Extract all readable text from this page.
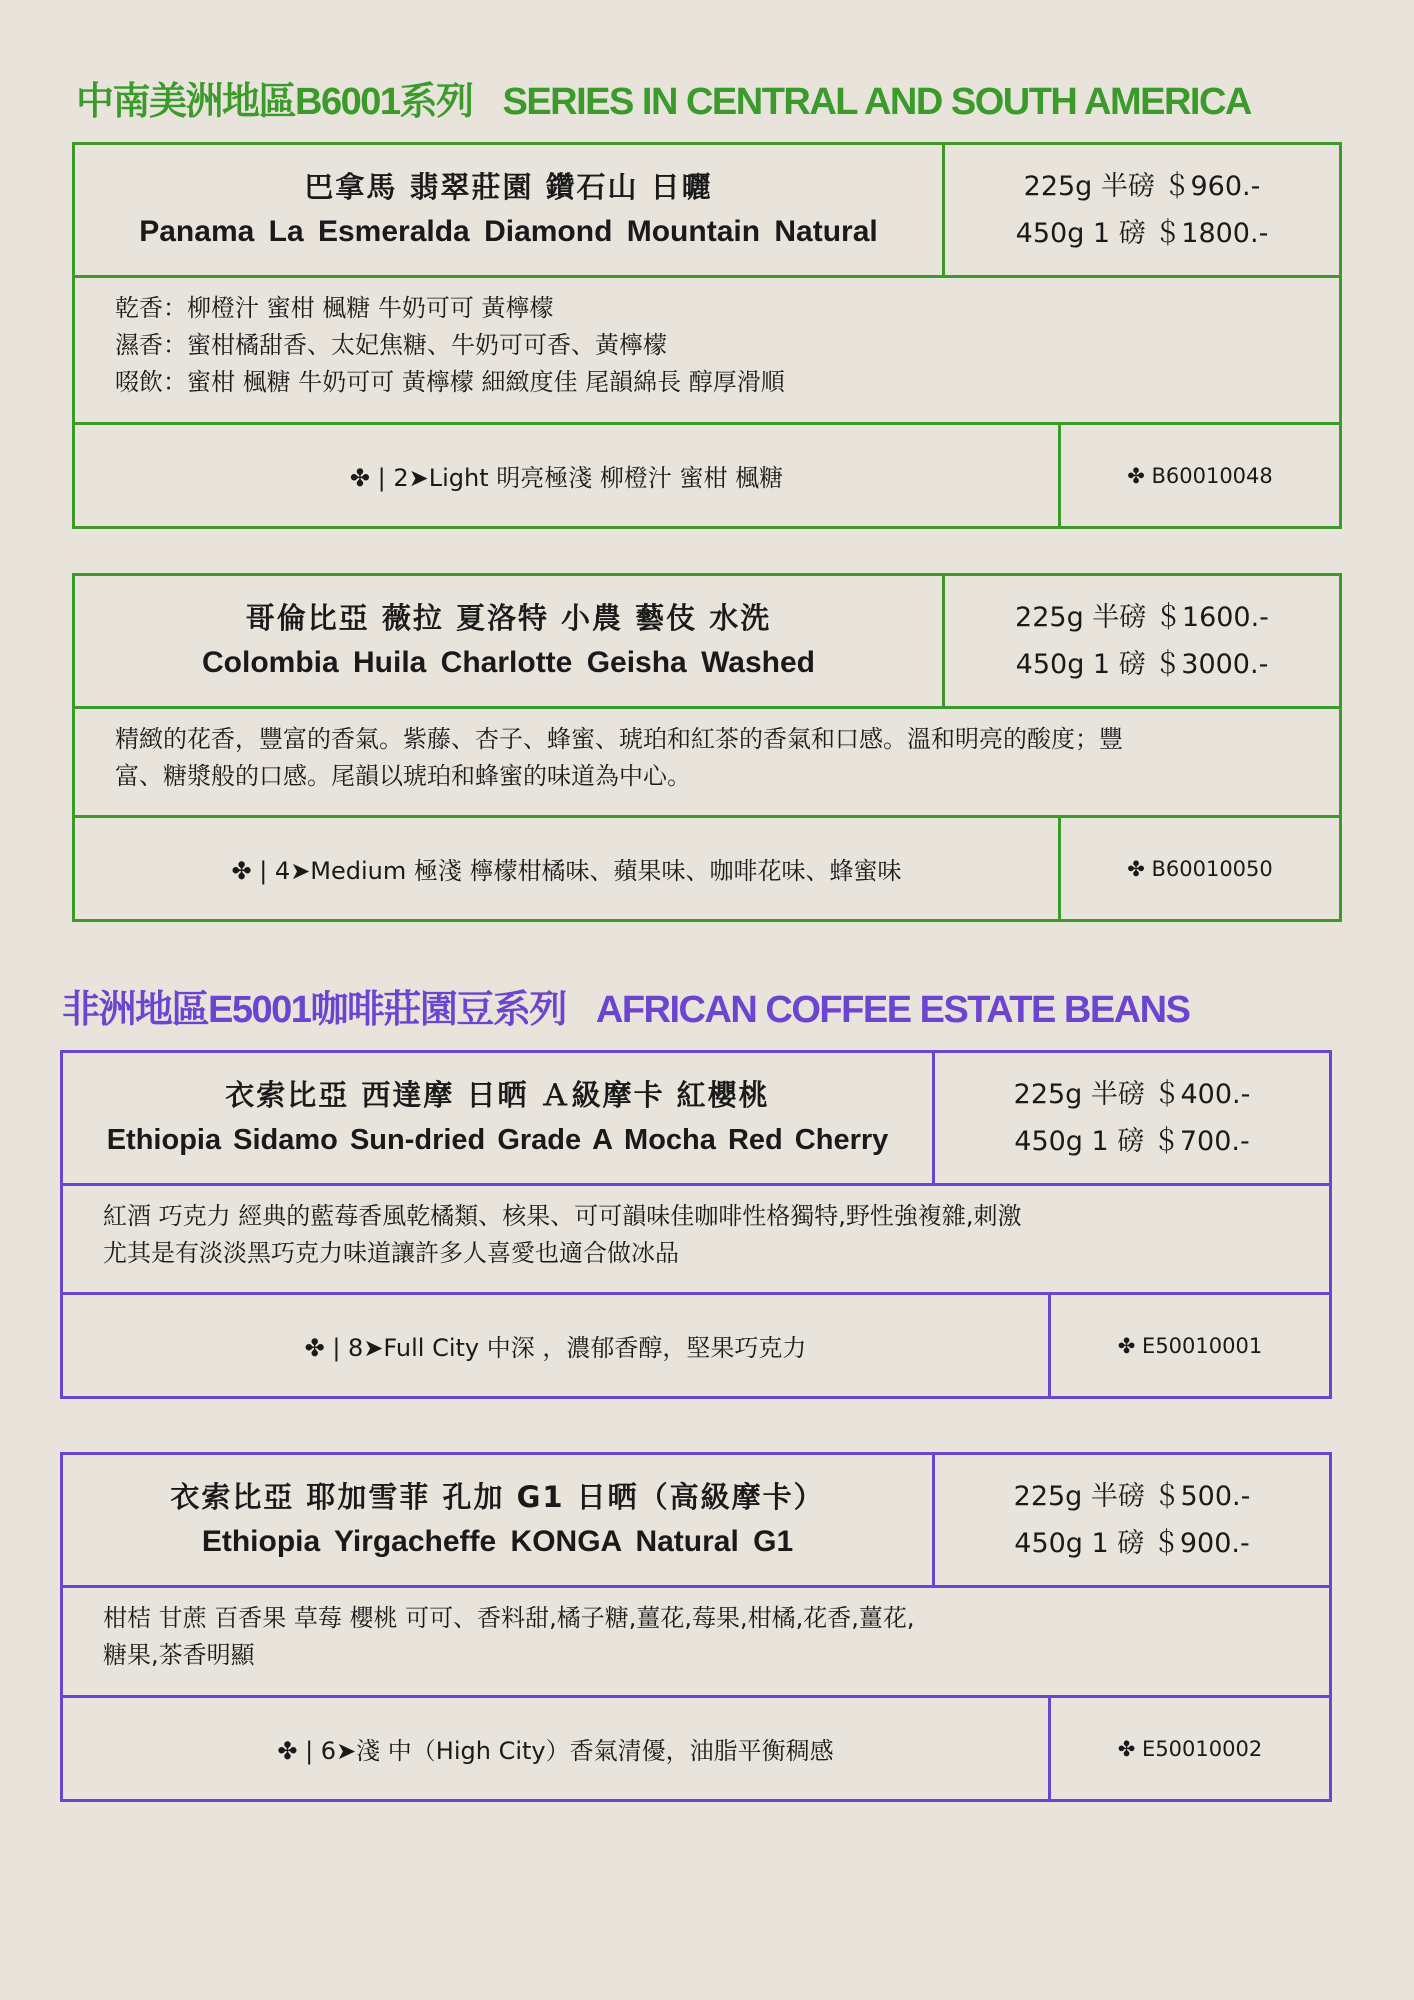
中南美洲地區B6001系列 SERIES IN CENTRAL AND SOUTH AMERICA
巴拿馬 翡翠莊園 鑽石山 日曬
Panama La Esmeralda Diamond Mountain Natural
225g 半磅 ＄960.-
450g 1 磅 ＄1800.-
乾香：柳橙汁 蜜柑 楓糖 牛奶可可 黃檸檬
濕香：蜜柑橘甜香、太妃焦糖、牛奶可可香、黃檸檬
啜飲：蜜柑 楓糖 牛奶可可 黃檸檬 細緻度佳 尾韻綿長 醇厚滑順
✤ | 2➤Light 明亮極淺 柳橙汁 蜜柑 楓糖	✤ B60010048
哥倫比亞 薇拉 夏洛特 小農 藝伎 水洗
Colombia Huila Charlotte Geisha Washed
225g 半磅 ＄1600.-
450g 1 磅 ＄3000.-
精緻的花香，豐富的香氣。紫藤、杏子、蜂蜜、琥珀和紅茶的香氣和口感。溫和明亮的酸度；豐
富、糖漿般的口感。尾韻以琥珀和蜂蜜的味道為中心。
✤ | 4➤Medium 極淺 檸檬柑橘味、蘋果味、咖啡花味、蜂蜜味	✤ B60010050
非洲地區E5001咖啡莊園豆系列 AFRICAN COFFEE ESTATE BEANS
衣索比亞 西達摩 日晒 Ａ級摩卡 紅櫻桃
Ethiopia Sidamo Sun-dried Grade A Mocha Red Cherry
225g 半磅 ＄400.-
450g 1 磅 ＄700.-
紅酒 巧克力 經典的藍莓香風乾橘類、核果、可可韻味佳咖啡性格獨特,野性強複雜,刺激
尤其是有淡淡黑巧克力味道讓許多人喜愛也適合做冰品
✤ | 8➤Full City 中深 ，濃郁香醇，堅果巧克力	✤ E50010001
衣索比亞 耶加雪菲 孔加 G1 日晒（高級摩卡）
Ethiopia Yirgacheffe KONGA Natural G1
225g 半磅 ＄500.-
450g 1 磅 ＄900.-
柑桔 甘蔗 百香果 草莓 櫻桃 可可、香料甜,橘子糖,薑花,莓果,柑橘,花香,薑花,
糖果,茶香明顯
✤ | 6➤淺 中（High City）香氣清優，油脂平衡稠感	✤ E50010002
